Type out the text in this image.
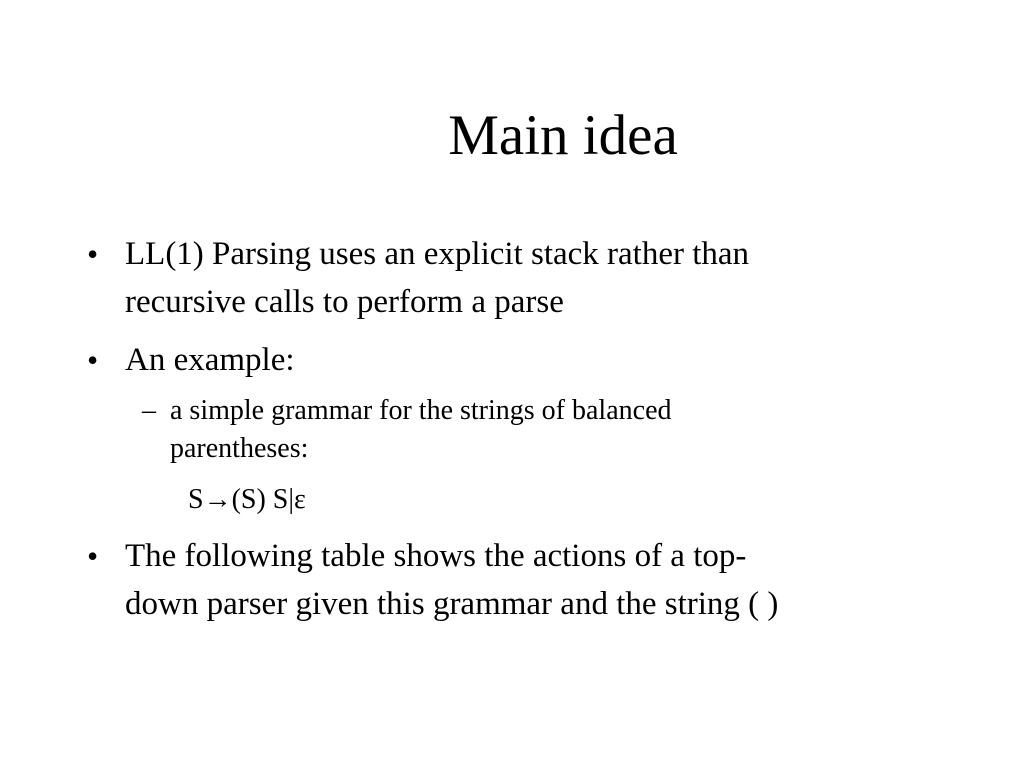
Main idea
• LL(1) Parsing uses an explicit stack rather than
recursive calls to perform a parse
• An example:
– a simple grammar for the strings of balanced
parentheses:
S→(S) S|ε
• The following table shows the actions of a top-
down parser given this grammar and the string ( )
